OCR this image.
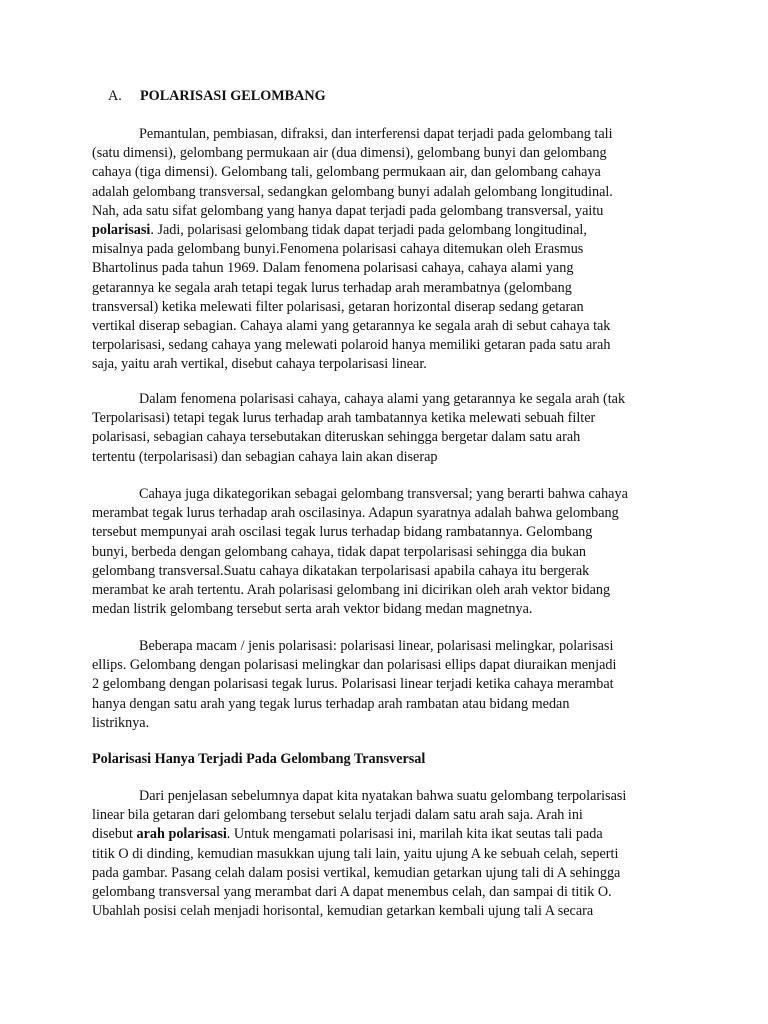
A. POLARISASI GELOMBANG
Pemantulan, pembiasan, difraksi, dan interferensi dapat terjadi pada gelombang tali
(satu dimensi), gelombang permukaan air (dua dimensi), gelombang bunyi dan gelombang
cahaya (tiga dimensi). Gelombang tali, gelombang permukaan air, dan gelombang cahaya
adalah gelombang transversal, sedangkan gelombang bunyi adalah gelombang longitudinal.
Nah, ada satu sifat gelombang yang hanya dapat terjadi pada gelombang transversal, yaitu
polarisasi. Jadi, polarisasi gelombang tidak dapat terjadi pada gelombang longitudinal,
misalnya pada gelombang bunyi.Fenomena polarisasi cahaya ditemukan oleh Erasmus
Bhartolinus pada tahun 1969. Dalam fenomena polarisasi cahaya, cahaya alami yang
getarannya ke segala arah tetapi tegak lurus terhadap arah merambatnya (gelombang
transversal) ketika melewati filter polarisasi, getaran horizontal diserap sedang getaran
vertikal diserap sebagian. Cahaya alami yang getarannya ke segala arah di sebut cahaya tak
terpolarisasi, sedang cahaya yang melewati polaroid hanya memiliki getaran pada satu arah
saja, yaitu arah vertikal, disebut cahaya terpolarisasi linear.
Dalam fenomena polarisasi cahaya, cahaya alami yang getarannya ke segala arah (tak
Terpolarisasi) tetapi tegak lurus terhadap arah tambatannya ketika melewati sebuah filter
polarisasi, sebagian cahaya tersebutakan diteruskan sehingga bergetar dalam satu arah
tertentu (terpolarisasi) dan sebagian cahaya lain akan diserap
Cahaya juga dikategorikan sebagai gelombang transversal; yang berarti bahwa cahaya
merambat tegak lurus terhadap arah oscilasinya. Adapun syaratnya adalah bahwa gelombang
tersebut mempunyai arah oscilasi tegak lurus terhadap bidang rambatannya. Gelombang
bunyi, berbeda dengan gelombang cahaya, tidak dapat terpolarisasi sehingga dia bukan
gelombang transversal.Suatu cahaya dikatakan terpolarisasi apabila cahaya itu bergerak
merambat ke arah tertentu. Arah polarisasi gelombang ini dicirikan oleh arah vektor bidang
medan listrik gelombang tersebut serta arah vektor bidang medan magnetnya.
Beberapa macam / jenis polarisasi: polarisasi linear, polarisasi melingkar, polarisasi
ellips. Gelombang dengan polarisasi melingkar dan polarisasi ellips dapat diuraikan menjadi
2 gelombang dengan polarisasi tegak lurus. Polarisasi linear terjadi ketika cahaya merambat
hanya dengan satu arah yang tegak lurus terhadap arah rambatan atau bidang medan
listriknya.
Polarisasi Hanya Terjadi Pada Gelombang Transversal
Dari penjelasan sebelumnya dapat kita nyatakan bahwa suatu gelombang terpolarisasi
linear bila getaran dari gelombang tersebut selalu terjadi dalam satu arah saja. Arah ini
disebut arah polarisasi. Untuk mengamati polarisasi ini, marilah kita ikat seutas tali pada
titik O di dinding, kemudian masukkan ujung tali lain, yaitu ujung A ke sebuah celah, seperti
pada gambar. Pasang celah dalam posisi vertikal, kemudian getarkan ujung tali di A sehingga
gelombang transversal yang merambat dari A dapat menembus celah, dan sampai di titik O.
Ubahlah posisi celah menjadi horisontal, kemudian getarkan kembali ujung tali A secara
